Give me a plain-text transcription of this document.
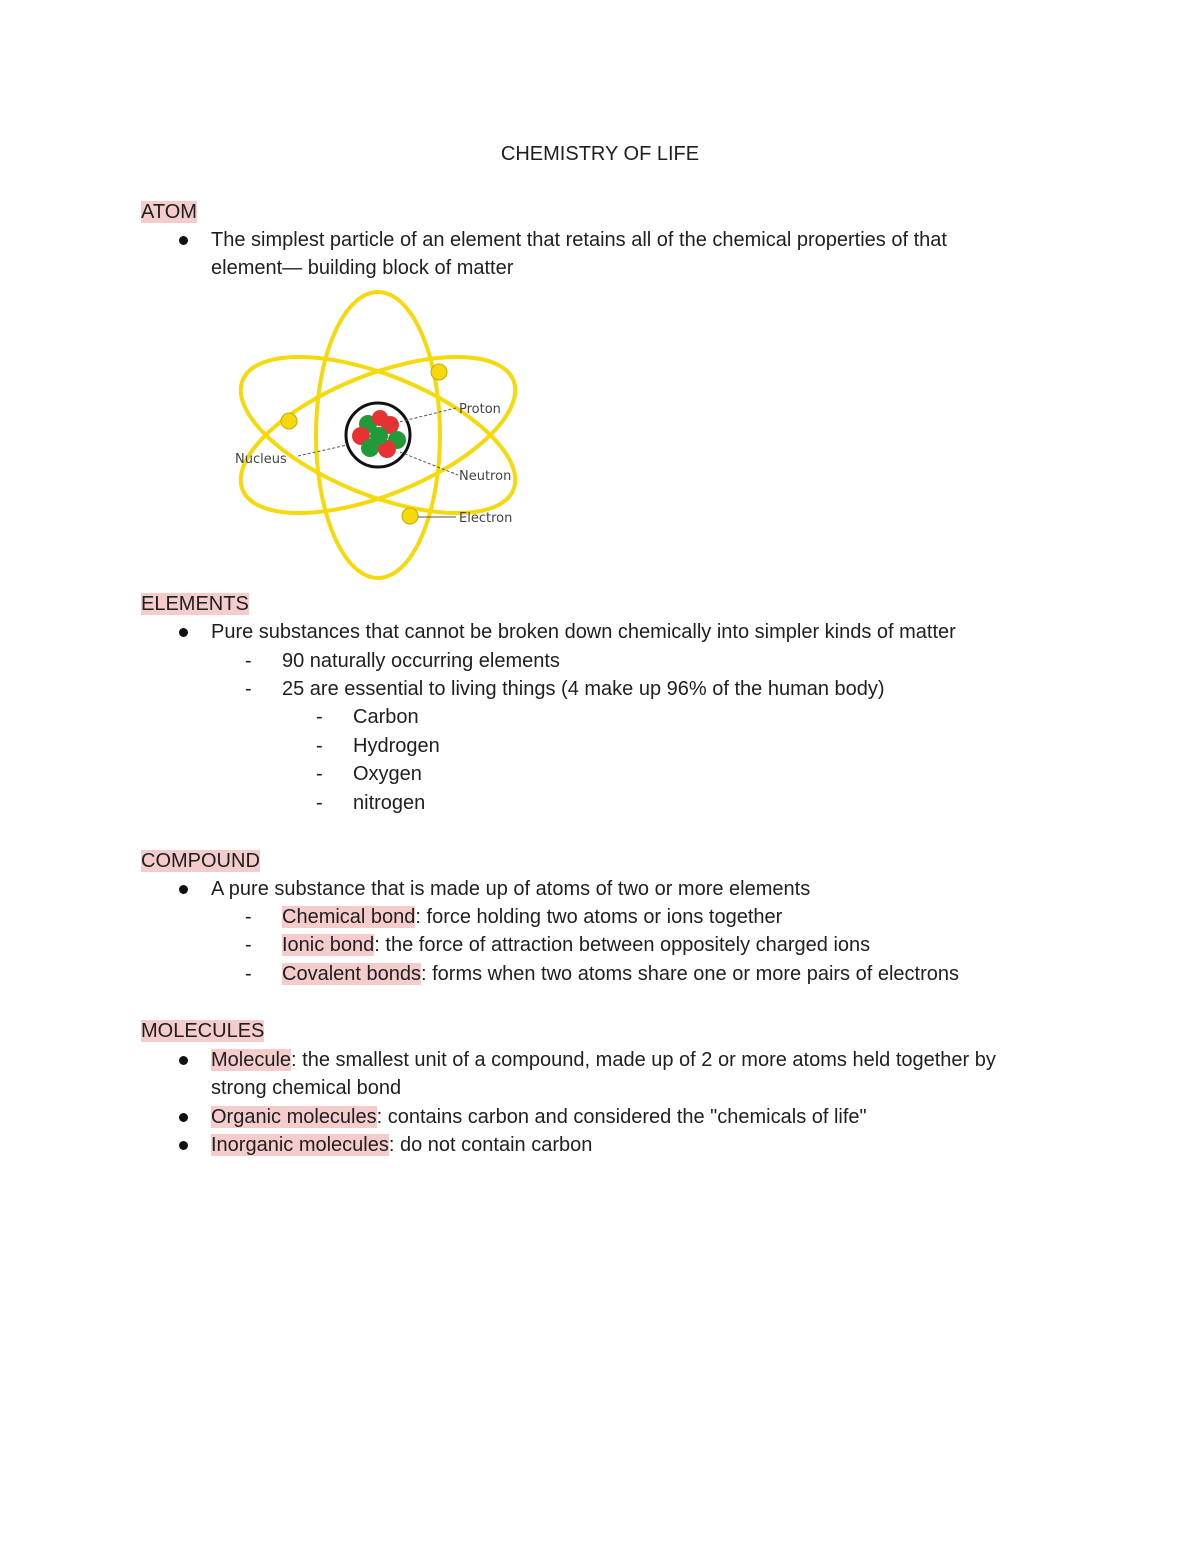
CHEMISTRY OF LIFE
ATOM
The simplest particle of an element that retains all of the chemical properties of that
element— building block of matter
Proton
Nucleus
Neutron
Electron
ELEMENTS
Pure substances that cannot be broken down chemically into simpler kinds of matter
- 90 naturally occurring elements
- 25 are essential to living things (4 make up 96% of the human body)
- Carbon
- Hydrogen
- Oxygen
- nitrogen
COMPOUND
A pure substance that is made up of atoms of two or more elements
- Chemical bond: force holding two atoms or ions together
- Ionic bond: the force of attraction between oppositely charged ions
- Covalent bonds: forms when two atoms share one or more pairs of electrons
MOLECULES
Molecule: the smallest unit of a compound, made up of 2 or more atoms held together by
strong chemical bond
Organic molecules: contains carbon and considered the "chemicals of life"
Inorganic molecules: do not contain carbon
